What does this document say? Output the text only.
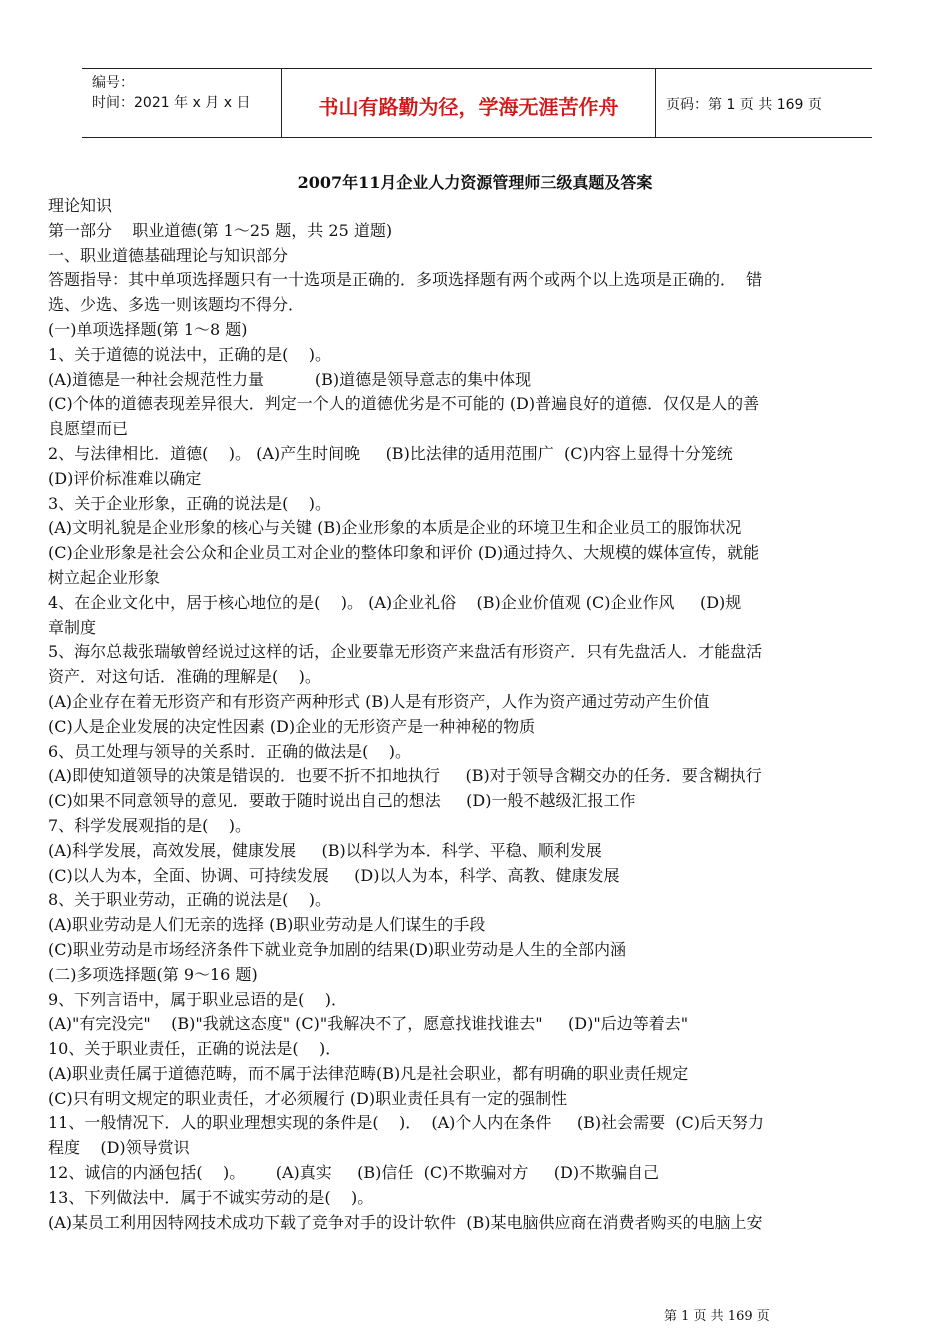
编号：
时间：2021 年 x 月 x 日	书山有路勤为径，学海无涯苦作舟	页码：第 1 页 共 169 页
2007年11月企业人力资源管理师三级真题及答案
理论知识
第一部分    职业道德(第 1～25 题，共 25 道题)
一、职业道德基础理论与知识部分
答题指导：其中单项选择题只有一十选项是正确的．多项选择题有两个或两个以上选项是正确的．  错
选、少选、多选一则该题均不得分．
(一)单项选择题(第 1～8 题)
1、关于道德的说法中，正确的是(    )。
(A)道德是一种社会规范性力量          (B)道德是领导意志的集中体现
(C)个体的道德表现差异很大．判定一个人的道德优劣是不可能的 (D)普遍良好的道德．仅仅是人的善
良愿望而已
2、与法律相比．道德(    )。 (A)产生时间晚     (B)比法律的适用范围广  (C)内容上显得十分笼统
(D)评价标准难以确定
3、关于企业形象，正确的说法是(    )。
(A)文明礼貌是企业形象的核心与关键 (B)企业形象的本质是企业的环境卫生和企业员工的服饰状况
(C)企业形象是社会公众和企业员工对企业的整体印象和评价 (D)通过持久、大规模的媒体宣传，就能
树立起企业形象
4、在企业文化中，居于核心地位的是(    )。 (A)企业礼俗    (B)企业价值观 (C)企业作风     (D)规
章制度
5、海尔总裁张瑞敏曾经说过这样的话，企业要靠无形资产来盘活有形资产．只有先盘活人．才能盘活
资产．对这句话．准确的理解是(    )。
(A)企业存在着无形资产和有形资产两种形式 (B)人是有形资产，人作为资产通过劳动产生价值
(C)人是企业发展的决定性因素 (D)企业的无形资产是一种神秘的物质
6、员工处理与领导的关系时．正确的做法是(    )。
(A)即使知道领导的决策是错误的．也要不折不扣地执行     (B)对于领导含糊交办的任务．要含糊执行
(C)如果不同意领导的意见．要敢于随时说出自己的想法     (D)一般不越级汇报工作
7、科学发展观指的是(    )。
(A)科学发展，高效发展，健康发展     (B)以科学为本．科学、平稳、顺利发展
(C)以人为本，全面、协调、可持续发展     (D)以人为本，科学、高教、健康发展
8、关于职业劳动，正确的说法是(    )。
(A)职业劳动是人们无亲的选择 (B)职业劳动是人们谋生的手段
(C)职业劳动是市场经济条件下就业竞争加剧的结果(D)职业劳动是人生的全部内涵
(二)多项选择题(第 9～16 题)
9、下列言语中，属于职业忌语的是(    )．
(A)"有完没完"    (B)"我就这态度" (C)"我解决不了，愿意找谁找谁去"     (D)"后边等着去"
10、关于职业责任，正确的说法是(    )．
(A)职业责任属于道德范畴，而不属于法律范畴(B)凡是社会职业，都有明确的职业责任规定
(C)只有明文规定的职业责任，才必须履行 (D)职业责任具有一定的强制性
11、一般情况下．人的职业理想实现的条件是(    )．  (A)个人内在条件     (B)社会需要  (C)后天努力
程度    (D)领导赏识
12、诚信的内涵包括(    )。      (A)真实     (B)信任  (C)不欺骗对方     (D)不欺骗自己
13、下列做法中．属于不诚实劳动的是(    )。
(A)某员工利用因特网技术成功下载了竞争对手的设计软件  (B)某电脑供应商在消费者购买的电脑上安
第 1 页 共 169 页
